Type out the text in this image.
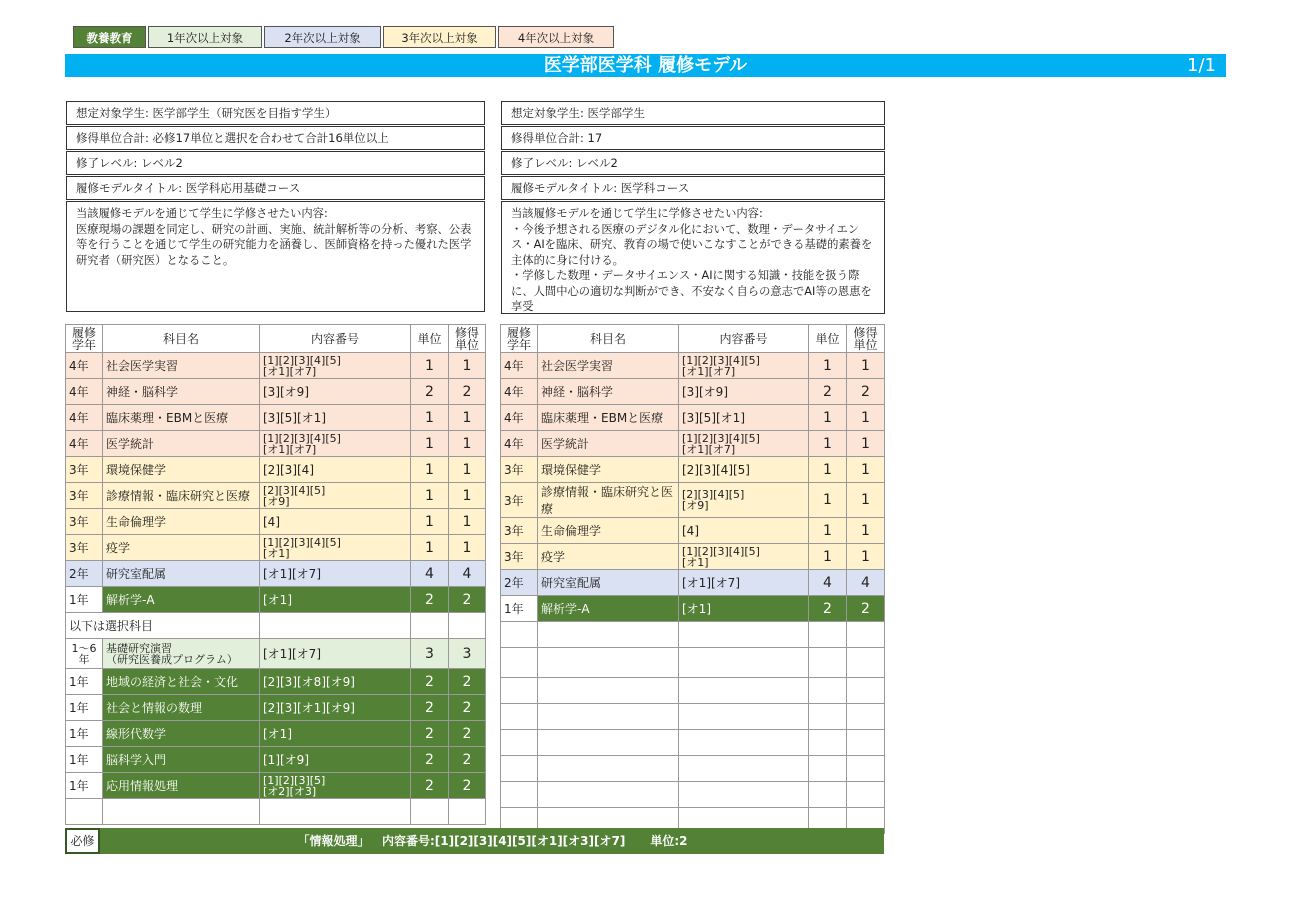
教養教育	1年次以上対象	2年次以上対象	3年次以上対象	4年次以上対象
医学部医学科 履修モデル	1/1
想定対象学生: 医学部学生（研究医を目指す学生）
修得単位合計: 必修17単位と選択を合わせて合計16単位以上
修了レベル: レベル2
履修モデルタイトル: 医学科応用基礎コース
当該履修モデルを通じて学生に学修させたい内容:
医療現場の課題を同定し、研究の計画、実施、統計解析等の分析、考察、公表等を行うことを通じて学生の研究能力を涵養し、医師資格を持った優れた医学研究者（研究医）となること。
想定対象学生: 医学部学生
修得単位合計: 17
修了レベル: レベル2
履修モデルタイトル: 医学科コース
当該履修モデルを通じて学生に学修させたい内容:
・今後予想される医療のデジタル化において、数理・データサイエンス・AIを臨床、研究、教育の場で使いこなすことができる基礎的素養を主体的に身に付ける。
・学修した数理・データサイエンス・AIに関する知識・技能を扱う際に、人間中心の適切な判断ができ、不安なく自らの意志でAI等の恩恵を享受
履修
学年	科目名	内容番号	単位	修得
単位
4年	社会医学実習	[1][2][3][4][5]
[オ1][オ7]	1	1
4年	神経・脳科学	[3][オ9]	2	2
4年	臨床薬理・EBMと医療	[3][5][オ1]	1	1
4年	医学統計	[1][2][3][4][5]
[オ1][オ7]	1	1
3年	環境保健学	[2][3][4]	1	1
3年	診療情報・臨床研究と医療	[2][3][4][5]
[オ9]	1	1
3年	生命倫理学	[4]	1	1
3年	疫学	[1][2][3][4][5]
[オ1]	1	1
2年	研究室配属	[オ1][オ7]	4	4
1年	解析学-A	[オ1]	2	2
以下は選択科目				
1～6
年	基礎研究演習
（研究医養成プログラム）	[オ1][オ7]	3	3
1年	地域の経済と社会・文化	[2][3][オ8][オ9]	2	2
1年	社会と情報の数理	[2][3][オ1][オ9]	2	2
1年	線形代数学	[オ1]	2	2
1年	脳科学入門	[1][オ9]	2	2
1年	応用情報処理	[1][2][3][5]
[オ2][オ3]	2	2

履修
学年	科目名	内容番号	単位	修得
単位
4年	社会医学実習	[1][2][3][4][5]
[オ1][オ7]	1	1
4年	神経・脳科学	[3][オ9]	2	2
4年	臨床薬理・EBMと医療	[3][5][オ1]	1	1
4年	医学統計	[1][2][3][4][5]
[オ1][オ7]	1	1
3年	環境保健学	[2][3][4][5]	1	1
3年	診療情報・臨床研究と医療	[2][3][4][5]
[オ9]	1	1
3年	生命倫理学	[4]	1	1
3年	疫学	[1][2][3][4][5]
[オ1]	1	1
2年	研究室配属	[オ1][オ7]	4	4
1年	解析学-A	[オ1]	2	2

必修	「情報処理」   内容番号:[1][2][3][4][5][オ1][オ3][オ7]      単位:2
